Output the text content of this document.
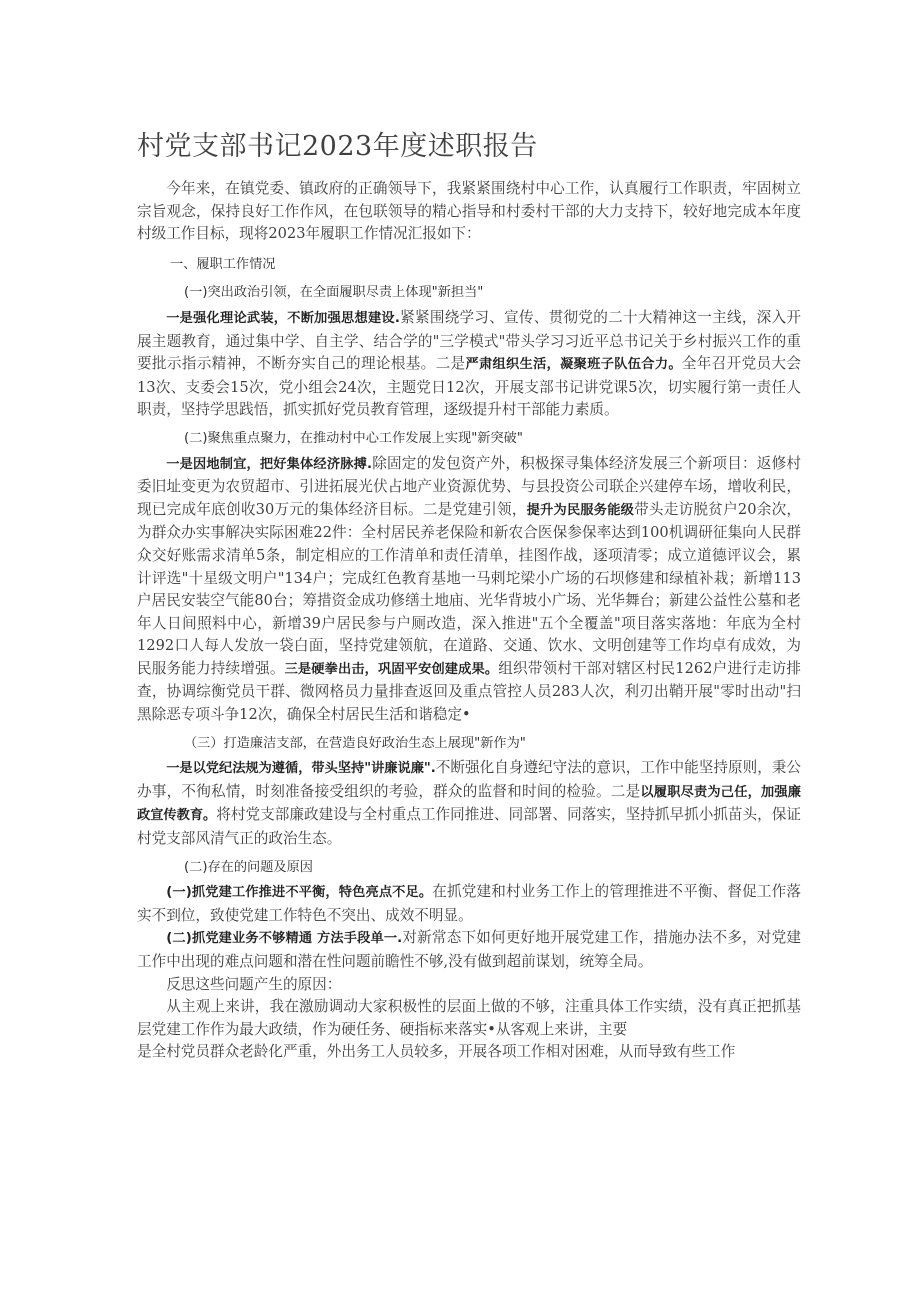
村党支部书记2023年度述职报告

今年来，在镇党委、镇政府的正确领导下，我紧紧围绕村中心工作，认真履行工作职责，牢固树立宗旨观念，保持良好工作作风，在包联领导的精心指导和村委村干部的大力支持下，较好地完成本年度村级工作目标，现将2023年履职工作情况汇报如下：

一、履职工作情况

(一)突出政治引领，在全面履职尽责上体现"新担当"

一是强化理论武装，不断加强思想建设.紧紧围绕学习、宣传、贯彻党的二十大精神这一主线，深入开展主题教育，通过集中学、自主学、结合学的"三学模式"带头学习习近平总书记关于乡村振兴工作的重要批示指示精神，不断夯实自己的理论根基。二是严肃组织生活，凝聚班子队伍合力。全年召开党员大会13次、支委会15次，党小组会24次，主题党日12次，开展支部书记讲党课5次，切实履行第一责任人职责，坚持学思践悟，抓实抓好党员教育管理，逐级提升村干部能力素质。

(二)聚焦重点聚力，在推动村中心工作发展上实现"新突破"

一是因地制宜，把好集体经济脉搏.除固定的发包资产外，积极探寻集体经济发展三个新项目：返修村委旧址变更为农贸超市、引进拓展光伏占地产业资源优势、与县投资公司联企兴建停车场，增收利民，现已完成年底创收30万元的集体经济目标。二是党建引领，提升为民服务能级带头走访脱贫户20余次，为群众办实事解决实际困难22件：全村居民养老保险和新农合医保参保率达到100机调研征集向人民群众交好账需求清单5条，制定相应的工作清单和责任清单，挂图作战，逐项清零；成立道德评议会，累计评选"十星级文明户"134户；完成红色教育基地一马剌坨梁小广场的石坝修建和绿植补栽；新增113户居民安装空气能80台；筹措资金成功修缮土地庙、光华背坡小广场、光华舞台；新建公益性公墓和老年人日间照料中心，新增39户居民参与户厕改造，深入推进"五个全覆盖"项目落实落地：年底为全村1292口人每人发放一袋白面，坚持党建领航，在道路、交通、饮水、文明创建等工作均卓有成效，为民服务能力持续增强。三是硬拳出击，巩固平安创建成果。组织带领村干部对辖区村民1262户进行走访排查，协调综衡党员干群、微网格员力量排查返回及重点管控人员283人次，利刃出鞘开展"零时出动"扫黑除恶专项斗争12次，确保全村居民生活和谐稳定•

（三）打造廉洁支部，在营造良好政治生态上展现"新作为"

一是以党纪法规为遵循，带头坚持"讲廉说廉".不断强化自身遵纪守法的意识，工作中能坚持原则，秉公办事，不徇私情，时刻准备接受组织的考验，群众的监督和时间的检验。二是以履职尽责为己任，加强廉政宣传教育。将村党支部廉政建设与全村重点工作同推进、同部署、同落实，坚持抓早抓小抓苗头，保证村党支部风清气正的政治生态。

(二)存在的问题及原因

(一)抓党建工作推进不平衡，特色亮点不足。在抓党建和村业务工作上的管理推进不平衡、督促工作落实不到位，致使党建工作特色不突出、成效不明显。

(二)抓党建业务不够精通 方法手段单一.对新常态下如何更好地开展党建工作，措施办法不多，对党建工作中出现的难点问题和潜在性问题前瞻性不够,没有做到超前谋划，统筹全局。

反思这些问题产生的原因：

从主观上来讲，我在激励调动大家积极性的层面上做的不够，注重具体工作实绩，没有真正把抓基层党建工作作为最大政绩，作为硬任务、硬指标来落实•从客观上来讲，主要

是全村党员群众老龄化严重，外出务工人员较多，开展各项工作相对困难，从而导致有些工作
